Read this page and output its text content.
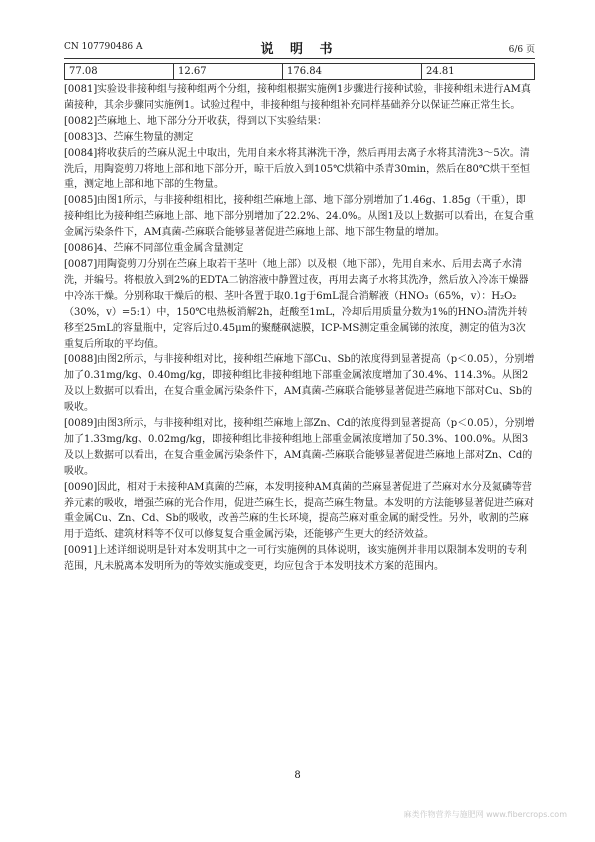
CN 107790486 A	说 明 书	6/6 页
77.08	12.67	176.84	24.81

[0081]实验设非接种组与接种组两个分组，接种组根据实施例1步骤进行接种试验，非接种组未进行AM真菌接种，其余步骤同实施例1。试验过程中，非接种组与接种组补充同样基础养分以保证苎麻正常生长。

[0082]苎麻地上、地下部分分开收获，得到以下实验结果：

[0083]3、苎麻生物量的测定

[0084]将收获后的苎麻从泥土中取出，先用自来水将其淋洗干净，然后再用去离子水将其清洗3～5次。清洗后，用陶瓷剪刀将地上部和地下部分开，晾干后放入到105℃烘箱中杀青30min，然后在80℃烘干至恒重，测定地上部和地下部的生物量。

[0085]由图1所示，与非接种组相比，接种组苎麻地上部、地下部分别增加了1.46g、1.85g（干重），即接种组比为接种组苎麻地上部、地下部分别增加了22.2%、24.0%。从图1及以上数据可以看出，在复合重金属污染条件下，AM真菌-苎麻联合能够显著促进苎麻地上部、地下部生物量的增加。

[0086]4、苎麻不同部位重金属含量测定

[0087]用陶瓷剪刀分别在苎麻上取若干茎叶（地上部）以及根（地下部），先用自来水、后用去离子水清洗，并编号。将根放入到2%的EDTA二钠溶液中静置过夜，再用去离子水将其洗净，然后放入冷冻干燥器中冷冻干燥。分别称取干燥后的根、茎叶各置于取0.1g于6mL混合消解液（HNO₃（65%，v）：H₂O₂（30%，v）=5:1）中，150℃电热板消解2h，赶酸至1mL，冷却后用质量分数为1%的HNO₃清洗并转移至25mL的容量瓶中，定容后过0.45μm的聚醚砜滤膜，ICP-MS测定重金属锑的浓度，测定的值为3次重复后所取的平均值。

[0088]由图2所示，与非接种组对比，接种组苎麻地下部Cu、Sb的浓度得到显著提高（p＜0.05），分别增加了0.31mg/kg、0.40mg/kg，即接种组比非接种组地下部重金属浓度增加了30.4%、114.3%。从图2及以上数据可以看出，在复合重金属污染条件下，AM真菌-苎麻联合能够显著促进苎麻地下部对Cu、Sb的吸收。

[0089]由图3所示，与非接种组对比，接种组苎麻地上部Zn、Cd的浓度得到显著提高（p＜0.05），分别增加了1.33mg/kg、0.02mg/kg，即接种组比非接种组地上部重金属浓度增加了50.3%、100.0%。从图3及以上数据可以看出，在复合重金属污染条件下，AM真菌-苎麻联合能够显著促进苎麻地上部对Zn、Cd的吸收。

[0090]因此，相对于未接种AM真菌的苎麻，本发明接种AM真菌的苎麻显著促进了苎麻对水分及氮磷等营养元素的吸收，增强苎麻的光合作用，促进苎麻生长，提高苎麻生物量。本发明的方法能够显著促进苎麻对重金属Cu、Zn、Cd、Sb的吸收，改善苎麻的生长环境，提高苎麻对重金属的耐受性。另外，收割的苎麻用于造纸、建筑材料等不仅可以修复复合重金属污染，还能够产生更大的经济效益。

[0091]上述详细说明是针对本发明其中之一可行实施例的具体说明，该实施例并非用以限制本发明的专利范围，凡未脱离本发明所为的等效实施或变更，均应包含于本发明技术方案的范围内。

8
麻类作物营养与施肥网 www.fibercrops.com
